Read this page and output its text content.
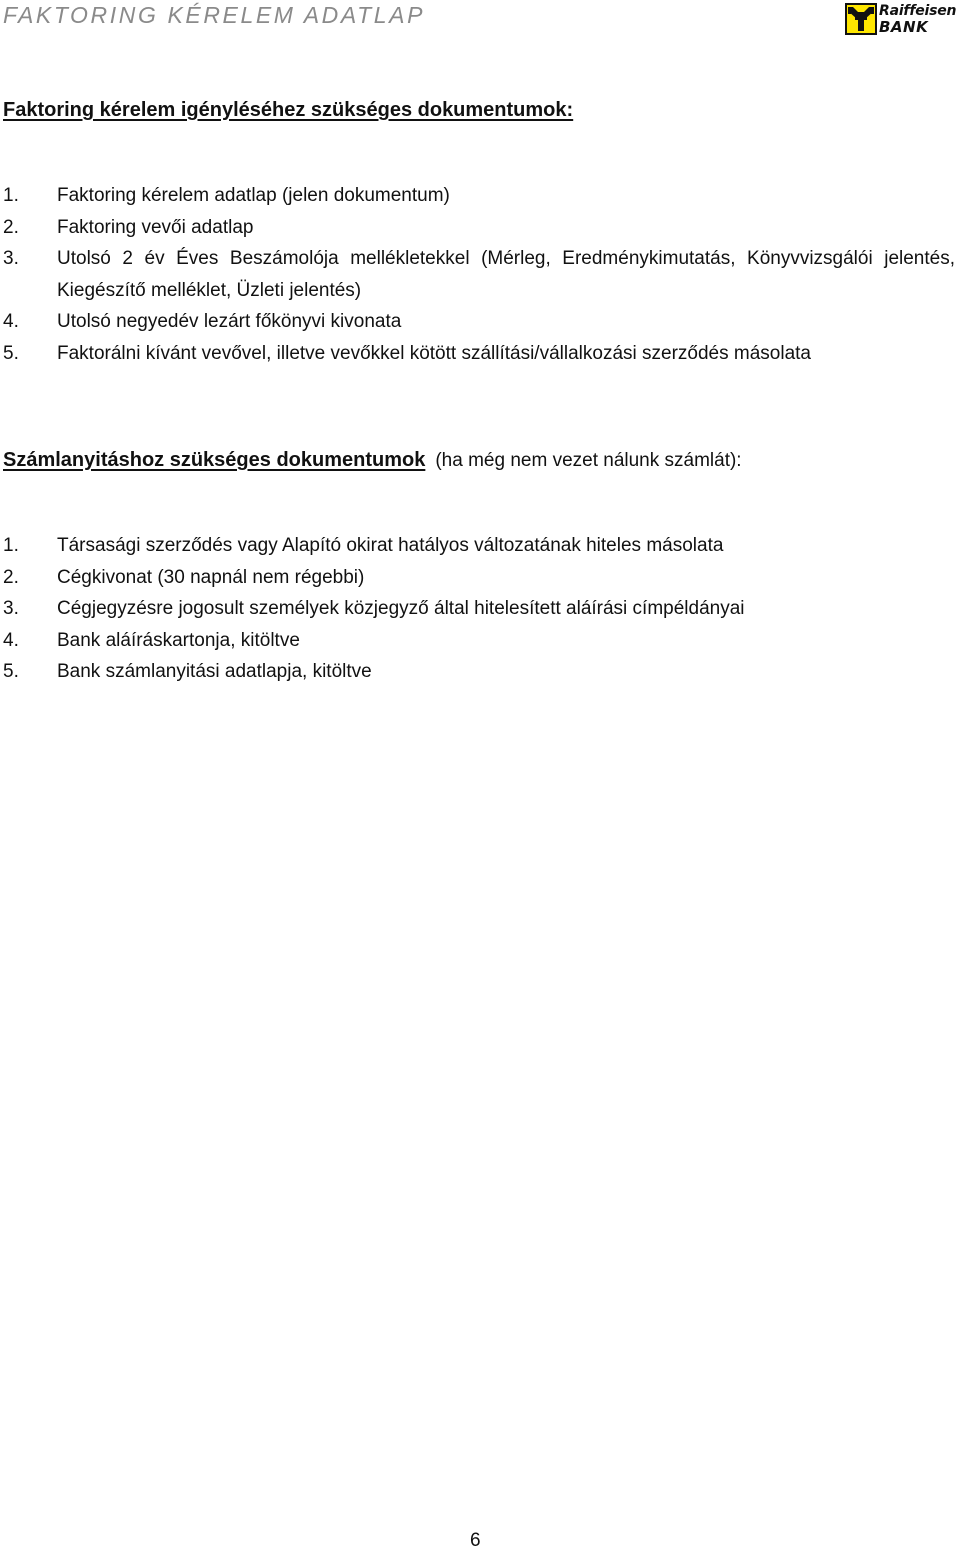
FAKTORING KÉRELEM ADATLAP	Raiffeisen
BANK
Faktoring kérelem igényléséhez szükséges dokumentumok:
1. Faktoring kérelem adatlap (jelen dokumentum)
2. Faktoring vevői adatlap
3. Utolsó 2 év Éves Beszámolója mellékletekkel (Mérleg, Eredménykimutatás, Könyvvizsgálói jelentés, Kiegészítő melléklet, Üzleti jelentés)
4. Utolsó negyedév lezárt főkönyvi kivonata
5. Faktorálni kívánt vevővel, illetve vevőkkel kötött szállítási/vállalkozási szerződés másolata
Számlanyitáshoz szükséges dokumentumok (ha még nem vezet nálunk számlát):
1. Társasági szerződés vagy Alapító okirat hatályos változatának hiteles másolata
2. Cégkivonat (30 napnál nem régebbi)
3. Cégjegyzésre jogosult személyek közjegyző által hitelesített aláírási címpéldányai
4. Bank aláíráskartonja, kitöltve
5. Bank számlanyitási adatlapja, kitöltve

6
